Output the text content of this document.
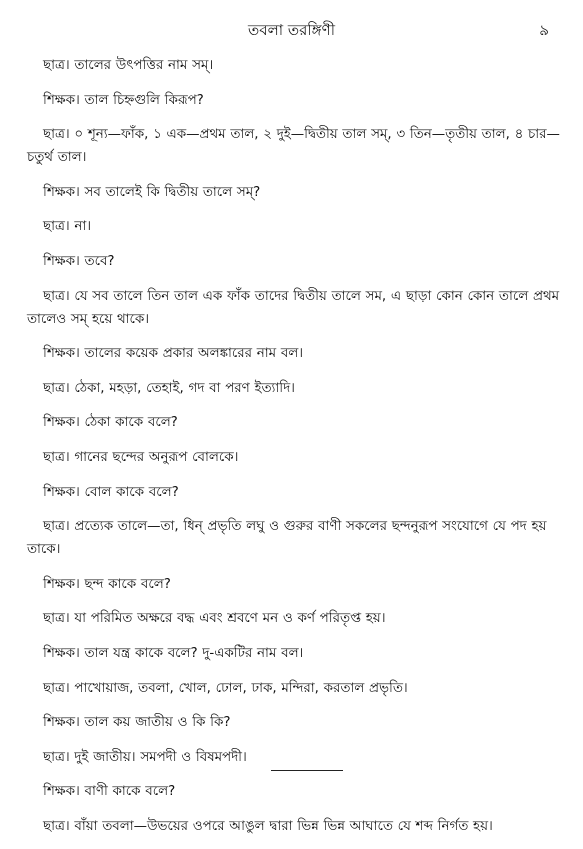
তবলা তরঙ্গিণী	৯

ছাত্র। তালের উৎপত্তির নাম সম্‌।

শিক্ষক। তাল চিহ্নগুলি কিরূপ?

ছাত্র। ০ শূন্য—ফাঁক, ১ এক—প্রথম তাল, ২ দুই—দ্বিতীয় তাল সম্‌, ৩ তিন—তৃতীয় তাল, ৪ চার—চতুর্থ তাল।

শিক্ষক। সব তালেই কি দ্বিতীয় তালে সম্‌?

ছাত্র। না।

শিক্ষক। তবে?

ছাত্র। যে সব তালে তিন তাল এক ফাঁক তাদের দ্বিতীয় তালে সম, এ ছাড়া কোন কোন তালে প্রথম তালেও সম্‌ হয়ে থাকে।

শিক্ষক। তালের কয়েক প্রকার অলঙ্কারের নাম বল।

ছাত্র। ঠেকা, মহড়া, তেহাই, গদ বা পরণ ইত্যাদি।

শিক্ষক। ঠেকা কাকে বলে?

ছাত্র। গানের ছন্দের অনুরূপ বোলকে।

শিক্ষক। বোল কাকে বলে?

ছাত্র। প্রত্যেক তালে—তা, ধিন্‌ প্রভৃতি লঘু ও গুরুর বাণী সকলের ছন্দনুরূপ সংযোগে যে পদ হয় তাকে।

শিক্ষক। ছন্দ কাকে বলে?

ছাত্র। যা পরিমিত অক্ষরে বদ্ধ এবং শ্রবণে মন ও কর্ণ পরিতৃপ্ত হয়।

শিক্ষক। তাল যন্ত্র কাকে বলে? দু-একটির নাম বল।

ছাত্র। পাখোয়াজ, তবলা, খোল, ঢোল, ঢাক, মন্দিরা, করতাল প্রভৃতি।

শিক্ষক। তাল কয় জাতীয় ও কি কি?

ছাত্র। দুই জাতীয়। সমপদী ও বিষমপদী।

শিক্ষক। বাণী কাকে বলে?

ছাত্র। বাঁয়া তবলা—উভয়ের ওপরে আঙুল দ্বারা ভিন্ন ভিন্ন আঘাতে যে শব্দ নির্গত হয়।
